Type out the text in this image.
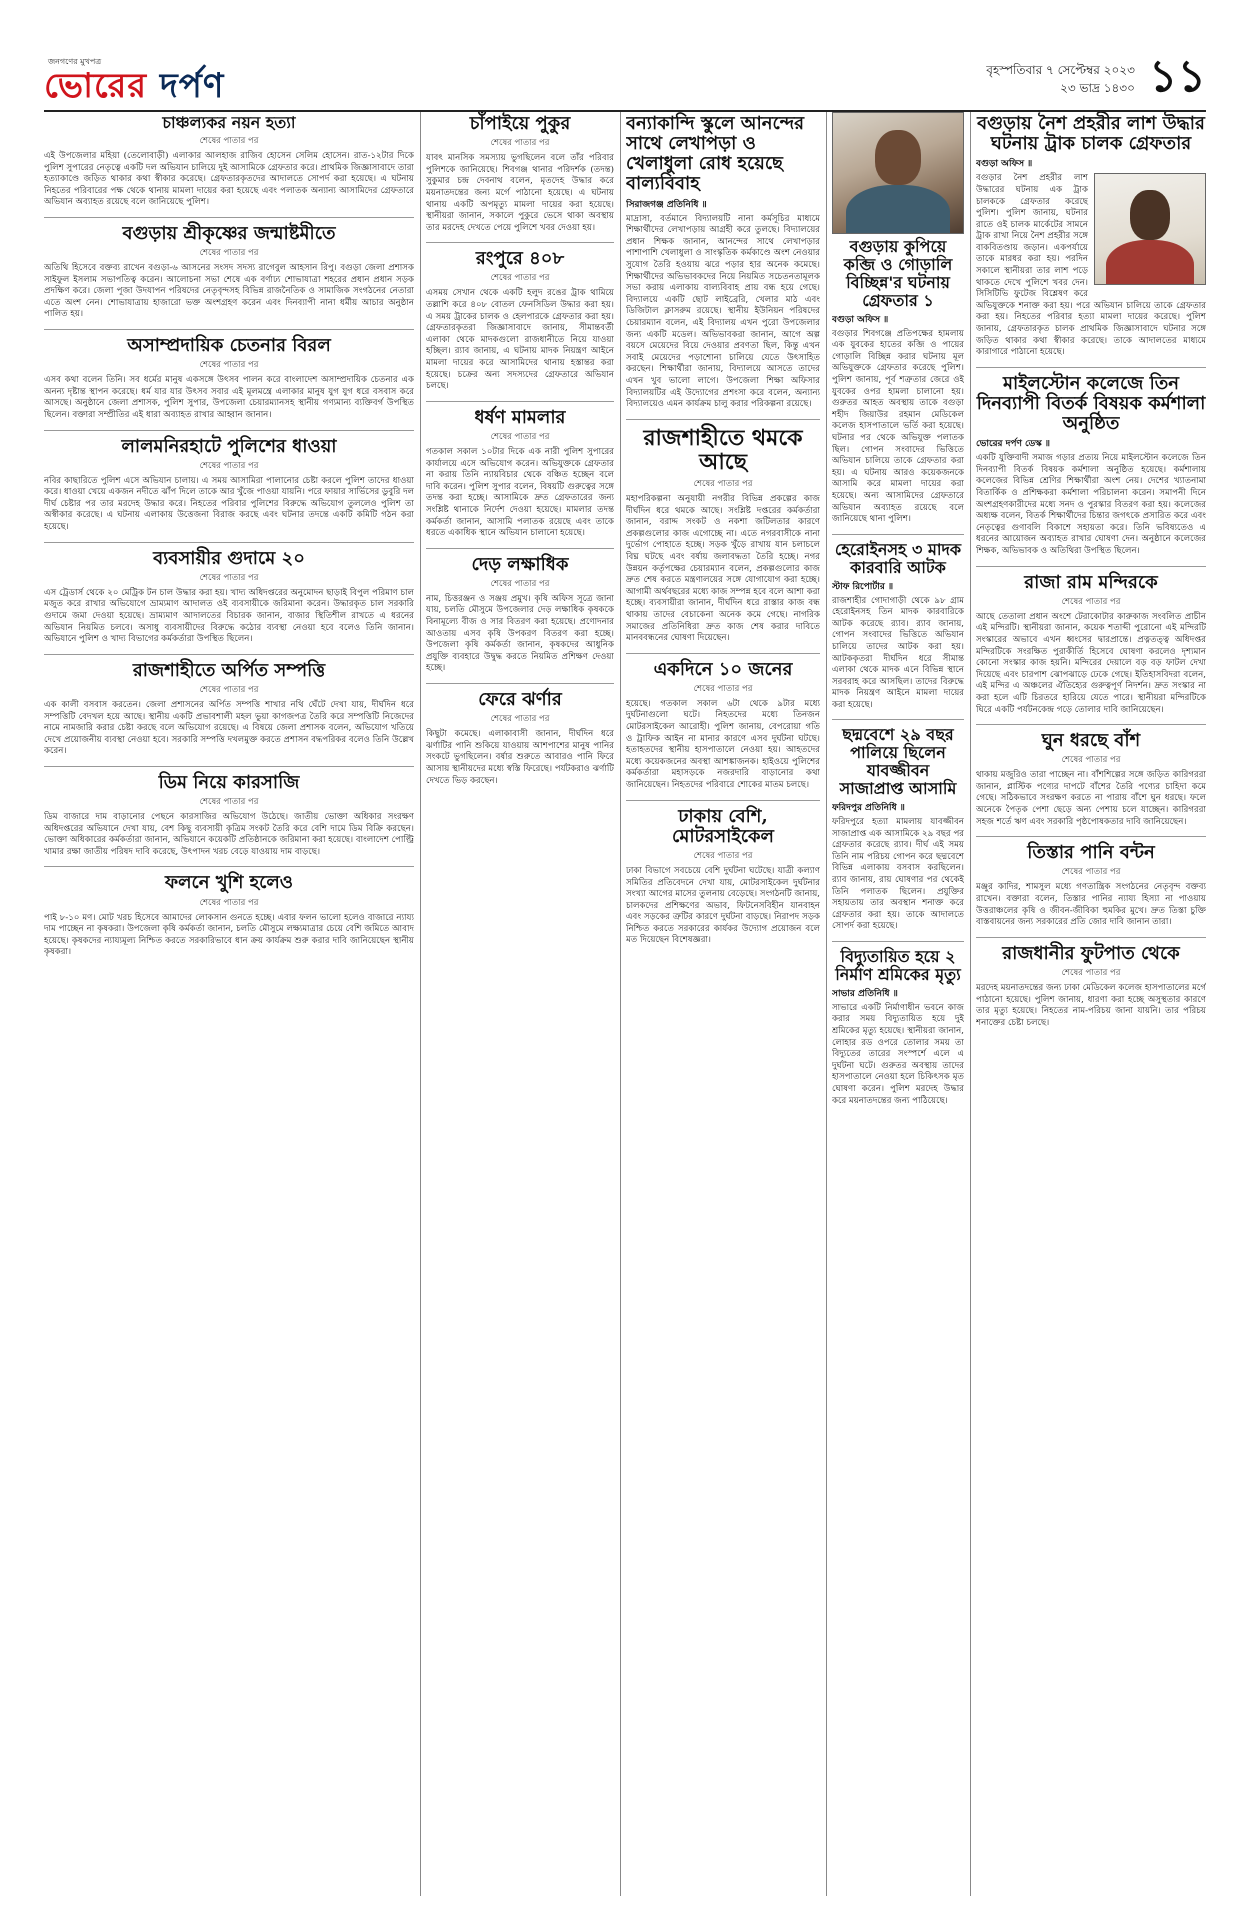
জনগণের মুখপত্র
ভোরের দর্পণ	বৃহস্পতিবার ৭ সেপ্টেম্বর ২০২৩
২৩ ভাদ্র ১৪৩০ ১১
চাঞ্চল্যকর নয়ন হত্যা

শেষের পাতার পর

এই উপজেলার মহিয়া (তেলোবাড়ী) এলাকার আলহাজ রাজিব হোসেন সেলিম হোসেন। রাত-১২টার দিকে পুলিশ সুপারের নেতৃত্বে একটি দল অভিযান চালিয়ে দুই আসামিকে গ্রেফতার করে। প্রাথমিক জিজ্ঞাসাবাদে তারা হত্যাকাণ্ডে জড়িত থাকার কথা স্বীকার করেছে। গ্রেফতারকৃতদের আদালতে সোপর্দ করা হয়েছে। এ ঘটনায় নিহতের পরিবারের পক্ষ থেকে থানায় মামলা দায়ের করা হয়েছে এবং পলাতক অন্যান্য আসামিদের গ্রেফতারে অভিযান অব্যাহত রয়েছে বলে জানিয়েছে পুলিশ।

বগুড়ায় শ্রীকৃষ্ণের জন্মাষ্টমীতে

শেষের পাতার পর

অতিথি হিসেবে বক্তব্য রাখেন বগুড়া-৬ আসনের সংসদ সদস্য রাগেবুল আহসান রিপু। বগুড়া জেলা প্রশাসক সাইফুল ইসলাম সভাপতিত্ব করেন। আলোচনা সভা শেষে এক বর্ণাঢ্য শোভাযাত্রা শহরের প্রধান প্রধান সড়ক প্রদক্ষিণ করে। জেলা পূজা উদযাপন পরিষদের নেতৃবৃন্দসহ বিভিন্ন রাজনৈতিক ও সামাজিক সংগঠনের নেতারা এতে অংশ নেন। শোভাযাত্রায় হাজারো ভক্ত অংশগ্রহণ করেন এবং দিনব্যাপী নানা ধর্মীয় আচার অনুষ্ঠান পালিত হয়।

অসাম্প্রদায়িক চেতনার বিরল

শেষের পাতার পর

এসব কথা বলেন তিনি। সব ধর্মের মানুষ একসঙ্গে উৎসব পালন করে বাংলাদেশ অসাম্প্রদায়িক চেতনার এক অনন্য দৃষ্টান্ত স্থাপন করেছে। ধর্ম যার যার উৎসব সবার এই মূলমন্ত্রে এলাকার মানুষ যুগ যুগ ধরে বসবাস করে আসছে। অনুষ্ঠানে জেলা প্রশাসক, পুলিশ সুপার, উপজেলা চেয়ারম্যানসহ স্থানীয় গণ্যমান্য ব্যক্তিবর্গ উপস্থিত ছিলেন। বক্তারা সম্প্রীতির এই ধারা অব্যাহত রাখার আহ্বান জানান।

লালমনিরহাটে পুলিশের ধাওয়া

শেষের পাতার পর

নবির কাছারিতে পুলিশ এসে অভিযান চালায়। এ সময় আসামিরা পালানোর চেষ্টা করলে পুলিশ তাদের ধাওয়া করে। ধাওয়া খেয়ে একজন নদীতে ঝাঁপ দিলে তাকে আর খুঁজে পাওয়া যায়নি। পরে ফায়ার সার্ভিসের ডুবুরি দল দীর্ঘ চেষ্টার পর তার মরদেহ উদ্ধার করে। নিহতের পরিবার পুলিশের বিরুদ্ধে অভিযোগ তুললেও পুলিশ তা অস্বীকার করেছে। এ ঘটনায় এলাকায় উত্তেজনা বিরাজ করছে এবং ঘটনার তদন্তে একটি কমিটি গঠন করা হয়েছে।

ব্যবসায়ীর গুদামে ২০

শেষের পাতার পর

এস ট্রেডার্স থেকে ২০ মেট্রিক টন চাল উদ্ধার করা হয়। খাদ্য অধিদপ্তরের অনুমোদন ছাড়াই বিপুল পরিমাণ চাল মজুত করে রাখার অভিযোগে ভ্রাম্যমাণ আদালত ওই ব্যবসায়ীকে জরিমানা করেন। উদ্ধারকৃত চাল সরকারি গুদামে জমা দেওয়া হয়েছে। ভ্রাম্যমাণ আদালতের বিচারক জানান, বাজার স্থিতিশীল রাখতে এ ধরনের অভিযান নিয়মিত চলবে। অসাধু ব্যবসায়ীদের বিরুদ্ধে কঠোর ব্যবস্থা নেওয়া হবে বলেও তিনি জানান। অভিযানে পুলিশ ও খাদ্য বিভাগের কর্মকর্তারা উপস্থিত ছিলেন।

রাজশাহীতে অর্পিত সম্পত্তি

শেষের পাতার পর

এক কালী বসবাস করতেন। জেলা প্রশাসনের অর্পিত সম্পত্তি শাখার নথি ঘেঁটে দেখা যায়, দীর্ঘদিন ধরে সম্পত্তিটি বেদখল হয়ে আছে। স্থানীয় একটি প্রভাবশালী মহল ভুয়া কাগজপত্র তৈরি করে সম্পত্তিটি নিজেদের নামে নামজারি করার চেষ্টা করছে বলে অভিযোগ রয়েছে। এ বিষয়ে জেলা প্রশাসক বলেন, অভিযোগ খতিয়ে দেখে প্রয়োজনীয় ব্যবস্থা নেওয়া হবে। সরকারি সম্পত্তি দখলমুক্ত করতে প্রশাসন বদ্ধপরিকর বলেও তিনি উল্লেখ করেন।

ডিম নিয়ে কারসাজি

শেষের পাতার পর

ডিম বাজারে দাম বাড়ানোর পেছনে কারসাজির অভিযোগ উঠেছে। জাতীয় ভোক্তা অধিকার সংরক্ষণ অধিদপ্তরের অভিযানে দেখা যায়, বেশ কিছু ব্যবসায়ী কৃত্রিম সংকট তৈরি করে বেশি দামে ডিম বিক্রি করছেন। ভোক্তা অধিকারের কর্মকর্তারা জানান, অভিযানে কয়েকটি প্রতিষ্ঠানকে জরিমানা করা হয়েছে। বাংলাদেশ পোল্ট্রি খামার রক্ষা জাতীয় পরিষদ দাবি করেছে, উৎপাদন খরচ বেড়ে যাওয়ায় দাম বাড়ছে।

ফলনে খুশি হলেও

শেষের পাতার পর

পাই ৮-১০ মণ। মোট খরচ হিসেবে আমাদের লোকসান গুনতে হচ্ছে। এবার ফলন ভালো হলেও বাজারে ন্যায্য দাম পাচ্ছেন না কৃষকরা। উপজেলা কৃষি কর্মকর্তা জানান, চলতি মৌসুমে লক্ষ্যমাত্রার চেয়ে বেশি জমিতে আবাদ হয়েছে। কৃষকদের ন্যায্যমূল্য নিশ্চিত করতে সরকারিভাবে ধান ক্রয় কার্যক্রম শুরু করার দাবি জানিয়েছেন স্থানীয় কৃষকরা।

চাঁপাইয়ে পুকুর

শেষের পাতার পর

যাবৎ মানসিক সমস্যায় ভুগছিলেন বলে তাঁর পরিবার পুলিশকে জানিয়েছে। শিবগঞ্জ থানার পরিদর্শক (তদন্ত) সুকুমার চন্দ্র দেবনাথ বলেন, মৃতদেহ উদ্ধার করে ময়নাতদন্তের জন্য মর্গে পাঠানো হয়েছে। এ ঘটনায় থানায় একটি অপমৃত্যু মামলা দায়ের করা হয়েছে। স্থানীয়রা জানান, সকালে পুকুরে ভেসে থাকা অবস্থায় তার মরদেহ দেখতে পেয়ে পুলিশে খবর দেওয়া হয়।

রংপুরে ৪০৮

শেষের পাতার পর

এসময় সেখান থেকে একটি হলুদ রঙের ট্রাক থামিয়ে তল্লাশি করে ৪০৮ বোতল ফেনসিডিল উদ্ধার করা হয়। এ সময় ট্রাকের চালক ও হেলপারকে গ্রেফতার করা হয়। গ্রেফতারকৃতরা জিজ্ঞাসাবাদে জানায়, সীমান্তবর্তী এলাকা থেকে মাদকগুলো রাজধানীতে নিয়ে যাওয়া হচ্ছিল। র‍্যাব জানায়, এ ঘটনায় মাদক নিয়ন্ত্রণ আইনে মামলা দায়ের করে আসামিদের থানায় হস্তান্তর করা হয়েছে। চক্রের অন্য সদস্যদের গ্রেফতারে অভিযান চলছে।

ধর্ষণ মামলার

শেষের পাতার পর

গতকাল সকাল ১০টার দিকে এক নারী পুলিশ সুপারের কার্যালয়ে এসে অভিযোগ করেন। অভিযুক্তকে গ্রেফতার না করায় তিনি ন্যায়বিচার থেকে বঞ্চিত হচ্ছেন বলে দাবি করেন। পুলিশ সুপার বলেন, বিষয়টি গুরুত্বের সঙ্গে তদন্ত করা হচ্ছে। আসামিকে দ্রুত গ্রেফতারের জন্য সংশ্লিষ্ট থানাকে নির্দেশ দেওয়া হয়েছে। মামলার তদন্ত কর্মকর্তা জানান, আসামি পলাতক রয়েছে এবং তাকে ধরতে একাধিক স্থানে অভিযান চালানো হয়েছে।

দেড় লক্ষাধিক

শেষের পাতার পর

নাম, চিত্তরঞ্জন ও সঞ্জয় প্রমুখ। কৃষি অফিস সূত্রে জানা যায়, চলতি মৌসুমে উপজেলার দেড় লক্ষাধিক কৃষককে বিনামূল্যে বীজ ও সার বিতরণ করা হয়েছে। প্রণোদনার আওতায় এসব কৃষি উপকরণ বিতরণ করা হচ্ছে। উপজেলা কৃষি কর্মকর্তা জানান, কৃষকদের আধুনিক প্রযুক্তি ব্যবহারে উদ্বুদ্ধ করতে নিয়মিত প্রশিক্ষণ দেওয়া হচ্ছে।

ফেরে ঝর্ণার

শেষের পাতার পর

কিছুটা কমেছে। এলাকাবাসী জানান, দীর্ঘদিন ধরে ঝর্ণাটির পানি শুকিয়ে যাওয়ায় আশপাশের মানুষ পানির সংকটে ভুগছিলেন। বর্ষার শুরুতে আবারও পানি ফিরে আসায় স্থানীয়দের মধ্যে স্বস্তি ফিরেছে। পর্যটকরাও ঝর্ণাটি দেখতে ভিড় করছেন।

বন্যাকান্দি স্কুলে আনন্দের সাথে লেখাপড়া ও খেলাধুলা রোধ হয়েছে বাল্যবিবাহ

সিরাজগঞ্জ প্রতিনিধি ॥

মাদ্রাসা, বর্তমানে বিদ্যালয়টি নানা কর্মসূচির মাধ্যমে শিক্ষার্থীদের লেখাপড়ায় আগ্রহী করে তুলছে। বিদ্যালয়ের প্রধান শিক্ষক জানান, আনন্দের সাথে লেখাপড়ার পাশাপাশি খেলাধুলা ও সাংস্কৃতিক কর্মকাণ্ডে অংশ নেওয়ার সুযোগ তৈরি হওয়ায় ঝরে পড়ার হার অনেক কমেছে। শিক্ষার্থীদের অভিভাবকদের নিয়ে নিয়মিত সচেতনতামূলক সভা করায় এলাকায় বাল্যবিবাহ প্রায় বন্ধ হয়ে গেছে। বিদ্যালয়ে একটি ছোট লাইব্রেরি, খেলার মাঠ এবং ডিজিটাল ক্লাসরুম রয়েছে। স্থানীয় ইউনিয়ন পরিষদের চেয়ারম্যান বলেন, এই বিদ্যালয় এখন পুরো উপজেলার জন্য একটি মডেল। অভিভাবকরা জানান, আগে অল্প বয়সে মেয়েদের বিয়ে দেওয়ার প্রবণতা ছিল, কিন্তু এখন সবাই মেয়েদের পড়াশোনা চালিয়ে যেতে উৎসাহিত করছেন। শিক্ষার্থীরা জানায়, বিদ্যালয়ে আসতে তাদের এখন খুব ভালো লাগে। উপজেলা শিক্ষা অফিসার বিদ্যালয়টির এই উদ্যোগের প্রশংসা করে বলেন, অন্যান্য বিদ্যালয়েও এমন কার্যক্রম চালু করার পরিকল্পনা রয়েছে।

রাজশাহীতে থমকে আছে

শেষের পাতার পর

মহাপরিকল্পনা অনুযায়ী নগরীর বিভিন্ন প্রকল্পের কাজ দীর্ঘদিন ধরে থমকে আছে। সংশ্লিষ্ট দপ্তরের কর্মকর্তারা জানান, বরাদ্দ সংকট ও নকশা জটিলতার কারণে প্রকল্পগুলোর কাজ এগোচ্ছে না। এতে নগরবাসীকে নানা দুর্ভোগ পোহাতে হচ্ছে। সড়ক খুঁড়ে রাখায় যান চলাচলে বিঘ্ন ঘটছে এবং বর্ষায় জলাবদ্ধতা তৈরি হচ্ছে। নগর উন্নয়ন কর্তৃপক্ষের চেয়ারম্যান বলেন, প্রকল্পগুলোর কাজ দ্রুত শেষ করতে মন্ত্রণালয়ের সঙ্গে যোগাযোগ করা হচ্ছে। আগামী অর্থবছরের মধ্যে কাজ সম্পন্ন হবে বলে আশা করা হচ্ছে। ব্যবসায়ীরা জানান, দীর্ঘদিন ধরে রাস্তার কাজ বন্ধ থাকায় তাদের বেচাকেনা অনেক কমে গেছে। নাগরিক সমাজের প্রতিনিধিরা দ্রুত কাজ শেষ করার দাবিতে মানববন্ধনের ঘোষণা দিয়েছেন।

একদিনে ১০ জনের

শেষের পাতার পর

হয়েছে। গতকাল সকাল ৬টা থেকে ৯টার মধ্যে দুর্ঘটনাগুলো ঘটে। নিহতদের মধ্যে তিনজন মোটরসাইকেল আরোহী। পুলিশ জানায়, বেপরোয়া গতি ও ট্রাফিক আইন না মানার কারণে এসব দুর্ঘটনা ঘটছে। হতাহতদের স্থানীয় হাসপাতালে নেওয়া হয়। আহতদের মধ্যে কয়েকজনের অবস্থা আশঙ্কাজনক। হাইওয়ে পুলিশের কর্মকর্তারা মহাসড়কে নজরদারি বাড়ানোর কথা জানিয়েছেন। নিহতদের পরিবারে শোকের মাতম চলছে।

ঢাকায় বেশি, মোটরসাইকেল

শেষের পাতার পর

ঢাকা বিভাগে সবচেয়ে বেশি দুর্ঘটনা ঘটেছে। যাত্রী কল্যাণ সমিতির প্রতিবেদনে দেখা যায়, মোটরসাইকেল দুর্ঘটনার সংখ্যা আগের মাসের তুলনায় বেড়েছে। সংগঠনটি জানায়, চালকদের প্রশিক্ষণের অভাব, ফিটনেসবিহীন যানবাহন এবং সড়কের ত্রুটির কারণে দুর্ঘটনা বাড়ছে। নিরাপদ সড়ক নিশ্চিত করতে সরকারের কার্যকর উদ্যোগ প্রয়োজন বলে মত দিয়েছেন বিশেষজ্ঞরা।

বগুড়ায় কুপিয়ে কব্জি ও গোড়ালি বিচ্ছিন্ন'র ঘটনায় গ্রেফতার ১

বগুড়া অফিস ॥

বগুড়ার শিবগঞ্জে প্রতিপক্ষের হামলায় এক যুবকের হাতের কব্জি ও পায়ের গোড়ালি বিচ্ছিন্ন করার ঘটনায় মূল অভিযুক্তকে গ্রেফতার করেছে পুলিশ। পুলিশ জানায়, পূর্ব শত্রুতার জেরে ওই যুবকের ওপর হামলা চালানো হয়। গুরুতর আহত অবস্থায় তাকে বগুড়া শহীদ জিয়াউর রহমান মেডিকেল কলেজ হাসপাতালে ভর্তি করা হয়েছে। ঘটনার পর থেকে অভিযুক্ত পলাতক ছিল। গোপন সংবাদের ভিত্তিতে অভিযান চালিয়ে তাকে গ্রেফতার করা হয়। এ ঘটনায় আরও কয়েকজনকে আসামি করে মামলা দায়ের করা হয়েছে। অন্য আসামিদের গ্রেফতারে অভিযান অব্যাহত রয়েছে বলে জানিয়েছে থানা পুলিশ।

হেরোইনসহ ৩ মাদক কারবারি আটক

স্টাফ রিপোর্টার ॥

রাজশাহীর গোদাগাড়ী থেকে ৯৮ গ্রাম হেরোইনসহ তিন মাদক কারবারিকে আটক করেছে র‍্যাব। র‍্যাব জানায়, গোপন সংবাদের ভিত্তিতে অভিযান চালিয়ে তাদের আটক করা হয়। আটককৃতরা দীর্ঘদিন ধরে সীমান্ত এলাকা থেকে মাদক এনে বিভিন্ন স্থানে সরবরাহ করে আসছিল। তাদের বিরুদ্ধে মাদক নিয়ন্ত্রণ আইনে মামলা দায়ের করা হয়েছে।

ছদ্মবেশে ২৯ বছর পালিয়ে ছিলেন যাবজ্জীবন সাজাপ্রাপ্ত আসামি

ফরিদপুর প্রতিনিধি ॥

ফরিদপুরে হত্যা মামলায় যাবজ্জীবন সাজাপ্রাপ্ত এক আসামিকে ২৯ বছর পর গ্রেফতার করেছে র‍্যাব। দীর্ঘ এই সময় তিনি নাম পরিচয় গোপন করে ছদ্মবেশে বিভিন্ন এলাকায় বসবাস করছিলেন। র‍্যাব জানায়, রায় ঘোষণার পর থেকেই তিনি পলাতক ছিলেন। প্রযুক্তির সহায়তায় তার অবস্থান শনাক্ত করে গ্রেফতার করা হয়। তাকে আদালতে সোপর্দ করা হয়েছে।

বিদ্যুতায়িত হয়ে ২ নির্মাণ শ্রমিকের মৃত্যু

সাভার প্রতিনিধি ॥

সাভারে একটি নির্মাণাধীন ভবনে কাজ করার সময় বিদ্যুতায়িত হয়ে দুই শ্রমিকের মৃত্যু হয়েছে। স্থানীয়রা জানান, লোহার রড ওপরে তোলার সময় তা বিদ্যুতের তারের সংস্পর্শে এলে এ দুর্ঘটনা ঘটে। গুরুতর অবস্থায় তাদের হাসপাতালে নেওয়া হলে চিকিৎসক মৃত ঘোষণা করেন। পুলিশ মরদেহ উদ্ধার করে ময়নাতদন্তের জন্য পাঠিয়েছে।

বগুড়ায় নৈশ প্রহরীর লাশ উদ্ধার ঘটনায় ট্রাক চালক গ্রেফতার

বগুড়া অফিস ॥

বগুড়ার নৈশ প্রহরীর লাশ উদ্ধারের ঘটনায় এক ট্রাক চালককে গ্রেফতার করেছে পুলিশ। পুলিশ জানায়, ঘটনার রাতে ওই চালক মার্কেটের সামনে ট্রাক রাখা নিয়ে নৈশ প্রহরীর সঙ্গে বাকবিতণ্ডায় জড়ান। একপর্যায়ে তাকে মারধর করা হয়। পরদিন সকালে স্থানীয়রা তার লাশ পড়ে থাকতে দেখে পুলিশে খবর দেন। সিসিটিভি ফুটেজ বিশ্লেষণ করে অভিযুক্তকে শনাক্ত করা হয়। পরে অভিযান চালিয়ে তাকে গ্রেফতার করা হয়। নিহতের পরিবার হত্যা মামলা দায়ের করেছে। পুলিশ জানায়, গ্রেফতারকৃত চালক প্রাথমিক জিজ্ঞাসাবাদে ঘটনার সঙ্গে জড়িত থাকার কথা স্বীকার করেছে। তাকে আদালতের মাধ্যমে কারাগারে পাঠানো হয়েছে।

মাইলস্টোন কলেজে তিন দিনব্যাপী বিতর্ক বিষয়ক কর্মশালা অনুষ্ঠিত

ভোরের দর্পণ ডেস্ক ॥

একটি যুক্তিবাদী সমাজ গড়ার প্রত্যয় নিয়ে মাইলস্টোন কলেজে তিন দিনব্যাপী বিতর্ক বিষয়ক কর্মশালা অনুষ্ঠিত হয়েছে। কর্মশালায় কলেজের বিভিন্ন শ্রেণির শিক্ষার্থীরা অংশ নেয়। দেশের খ্যাতনামা বিতার্কিক ও প্রশিক্ষকরা কর্মশালা পরিচালনা করেন। সমাপনী দিনে অংশগ্রহণকারীদের মধ্যে সনদ ও পুরস্কার বিতরণ করা হয়। কলেজের অধ্যক্ষ বলেন, বিতর্ক শিক্ষার্থীদের চিন্তার জগৎকে প্রসারিত করে এবং নেতৃত্বের গুণাবলি বিকাশে সহায়তা করে। তিনি ভবিষ্যতেও এ ধরনের আয়োজন অব্যাহত রাখার ঘোষণা দেন। অনুষ্ঠানে কলেজের শিক্ষক, অভিভাবক ও অতিথিরা উপস্থিত ছিলেন।

রাজা রাম মন্দিরকে

শেষের পাতার পর

আছে তেতালা প্রধান অংশে টেরাকোটার কারুকাজ সংবলিত প্রাচীন এই মন্দিরটি। স্থানীয়রা জানান, কয়েক শতাব্দী পুরোনো এই মন্দিরটি সংস্কারের অভাবে এখন ধ্বংসের দ্বারপ্রান্তে। প্রত্নতত্ত্ব অধিদপ্তর মন্দিরটিকে সংরক্ষিত পুরাকীর্তি হিসেবে ঘোষণা করলেও দৃশ্যমান কোনো সংস্কার কাজ হয়নি। মন্দিরের দেয়ালে বড় বড় ফাটল দেখা দিয়েছে এবং চারপাশ ঝোপঝাড়ে ঢেকে গেছে। ইতিহাসবিদরা বলেন, এই মন্দির এ অঞ্চলের ঐতিহ্যের গুরুত্বপূর্ণ নিদর্শন। দ্রুত সংস্কার না করা হলে এটি চিরতরে হারিয়ে যেতে পারে। স্থানীয়রা মন্দিরটিকে ঘিরে একটি পর্যটনকেন্দ্র গড়ে তোলার দাবি জানিয়েছেন।

ঘুন ধরছে বাঁশ

শেষের পাতার পর

থাকায় মজুরিও তারা পাচ্ছেন না। বাঁশশিল্পের সঙ্গে জড়িত কারিগররা জানান, প্লাস্টিক পণ্যের দাপটে বাঁশের তৈরি পণ্যের চাহিদা কমে গেছে। সঠিকভাবে সংরক্ষণ করতে না পারায় বাঁশে ঘুন ধরছে। ফলে অনেকে পৈতৃক পেশা ছেড়ে অন্য পেশায় চলে যাচ্ছেন। কারিগররা সহজ শর্তে ঋণ এবং সরকারি পৃষ্ঠপোষকতার দাবি জানিয়েছেন।

তিস্তার পানি বন্টন

শেষের পাতার পর

মঞ্জুর কাদির, শামসুল মধ্যে গণতান্ত্রিক সংগঠনের নেতৃবৃন্দ বক্তব্য রাখেন। বক্তারা বলেন, তিস্তার পানির ন্যায্য হিস্যা না পাওয়ায় উত্তরাঞ্চলের কৃষি ও জীবন-জীবিকা হুমকির মুখে। দ্রুত তিস্তা চুক্তি বাস্তবায়নের জন্য সরকারের প্রতি জোর দাবি জানান তারা।

রাজধানীর ফুটপাত থেকে

শেষের পাতার পর

মরদেহ ময়নাতদন্তের জন্য ঢাকা মেডিকেল কলেজ হাসপাতালের মর্গে পাঠানো হয়েছে। পুলিশ জানায়, ধারণা করা হচ্ছে অসুস্থতার কারণে তার মৃত্যু হয়েছে। নিহতের নাম-পরিচয় জানা যায়নি। তার পরিচয় শনাক্তের চেষ্টা চলছে।
